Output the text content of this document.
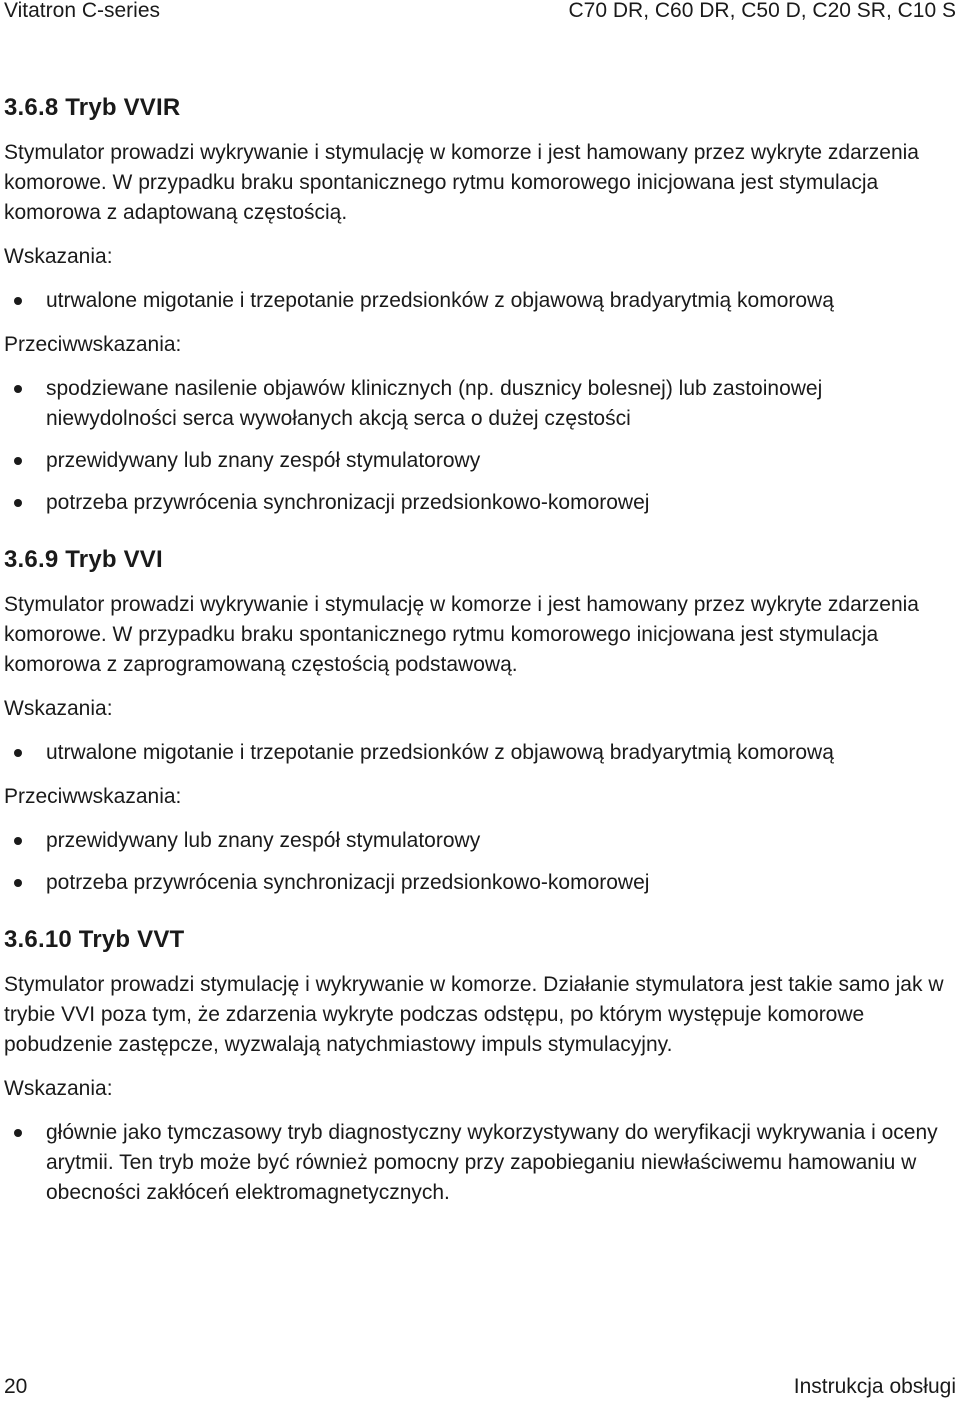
Vitatron C-series	C70 DR, C60 DR, C50 D, C20 SR, C10 S
3.6.8 Tryb VVIR

Stymulator prowadzi wykrywanie i stymulację w komorze i jest hamowany przez wykryte zdarzenia komorowe. W przypadku braku spontanicznego rytmu komorowego inicjowana jest stymulacja komorowa z adaptowaną częstością.

Wskazania:
utrwalone migotanie i trzepotanie przedsionków z objawową bradyarytmią komorową
Przeciwwskazania:
spodziewane nasilenie objawów klinicznych (np. dusznicy bolesnej) lub zastoinowej niewydolności serca wywołanych akcją serca o dużej częstości
przewidywany lub znany zespół stymulatorowy
potrzeba przywrócenia synchronizacji przedsionkowo-komorowej
3.6.9 Tryb VVI

Stymulator prowadzi wykrywanie i stymulację w komorze i jest hamowany przez wykryte zdarzenia komorowe. W przypadku braku spontanicznego rytmu komorowego inicjowana jest stymulacja komorowa z zaprogramowaną częstością podstawową.

Wskazania:
utrwalone migotanie i trzepotanie przedsionków z objawową bradyarytmią komorową
Przeciwwskazania:
przewidywany lub znany zespół stymulatorowy
potrzeba przywrócenia synchronizacji przedsionkowo-komorowej
3.6.10 Tryb VVT

Stymulator prowadzi stymulację i wykrywanie w komorze. Działanie stymulatora jest takie samo jak w trybie VVI poza tym, że zdarzenia wykryte podczas odstępu, po którym występuje komorowe pobudzenie zastępcze, wyzwalają natychmiastowy impuls stymulacyjny.

Wskazania:
głównie jako tymczasowy tryb diagnostyczny wykorzystywany do weryfikacji wykrywania i oceny arytmii. Ten tryb może być również pomocny przy zapobieganiu niewłaściwemu hamowaniu w obecności zakłóceń elektromagnetycznych.
20	Instrukcja obsługi
